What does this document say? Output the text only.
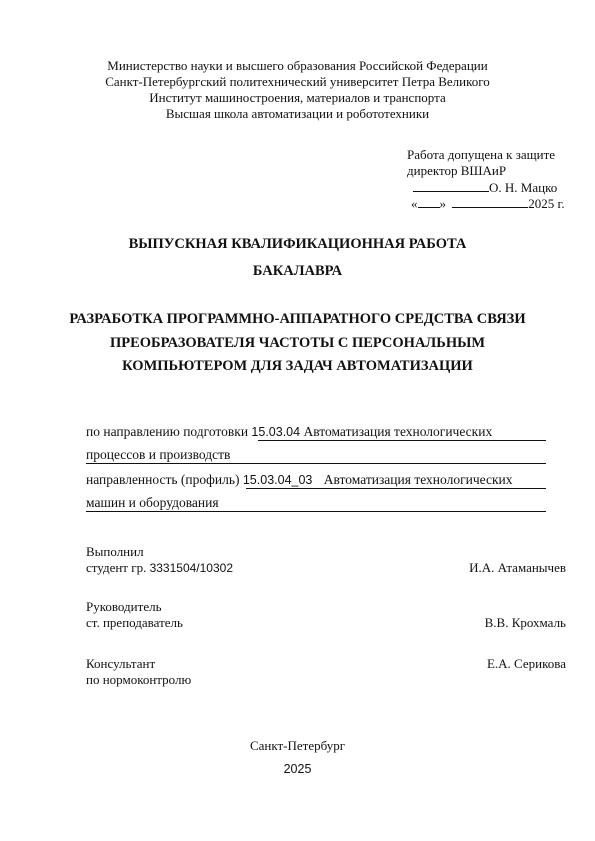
Министерство науки и высшего образования Российской Федерации
Санкт-Петербургский политехнический университет Петра Великого
Институт машиностроения, материалов и транспорта
Высшая школа автоматизации и робототехники
Работа допущена к защите
директор ВШАиР
О. Н. Мацко
« »	2025 г.
ВЫПУСКНАЯ КВАЛИФИКАЦИОННАЯ РАБОТА
БАКАЛАВРА
РАЗРАБОТКА ПРОГРАММНО-АППАРАТНОГО СРЕДСТВА СВЯЗИ
ПРЕОБРАЗОВАТЕЛЯ ЧАСТОТЫ С ПЕРСОНАЛЬНЫМ
КОМПЬЮТЕРОМ ДЛЯ ЗАДАЧ АВТОМАТИЗАЦИИ
по направлению подготовки 15.03.04 Автоматизация технологических
процессов и производств
направленность (профиль) 15.03.04_03 Автоматизация технологических
машин и оборудования
Выполнил
студент гр. 3331504/10302	И.А. Атаманычев
Руководитель
ст. преподаватель	В.В. Крохмаль
Консультант	Е.А. Серикова
по нормоконтролю
Санкт-Петербург
2025
